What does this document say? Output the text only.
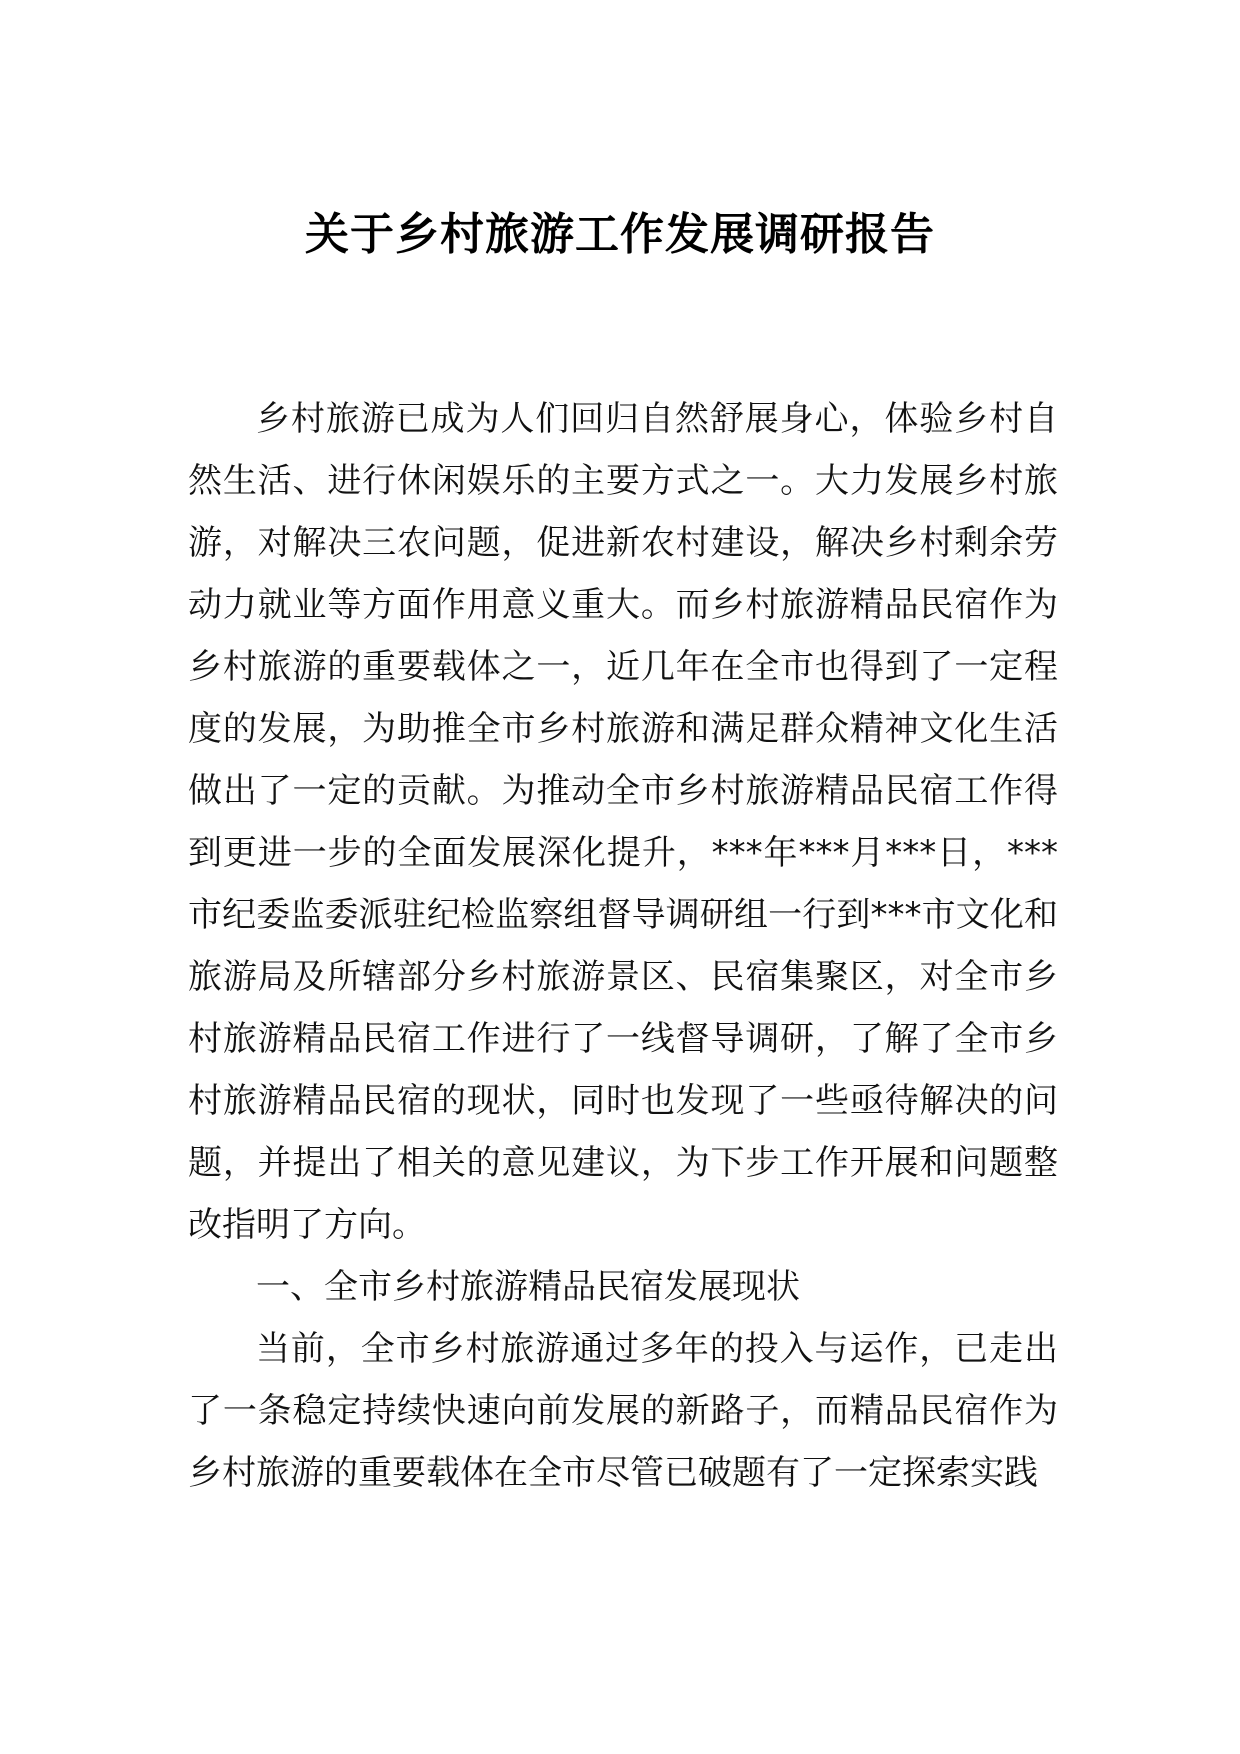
关于乡村旅游工作发展调研报告

乡村旅游已成为人们回归自然舒展身心，体验乡村自然生活、进行休闲娱乐的主要方式之一。大力发展乡村旅游，对解决三农问题，促进新农村建设，解决乡村剩余劳动力就业等方面作用意义重大。而乡村旅游精品民宿作为乡村旅游的重要载体之一，近几年在全市也得到了一定程度的发展，为助推全市乡村旅游和满足群众精神文化生活做出了一定的贡献。为推动全市乡村旅游精品民宿工作得到更进一步的全面发展深化提升，***年***月***日，***市纪委监委派驻纪检监察组督导调研组一行到***市文化和旅游局及所辖部分乡村旅游景区、民宿集聚区，对全市乡村旅游精品民宿工作进行了一线督导调研，了解了全市乡村旅游精品民宿的现状，同时也发现了一些亟待解决的问题，并提出了相关的意见建议，为下步工作开展和问题整改指明了方向。

一、全市乡村旅游精品民宿发展现状

当前，全市乡村旅游通过多年的投入与运作，已走出了一条稳定持续快速向前发展的新路子，而精品民宿作为乡村旅游的重要载体在全市尽管已破题有了一定探索实践
